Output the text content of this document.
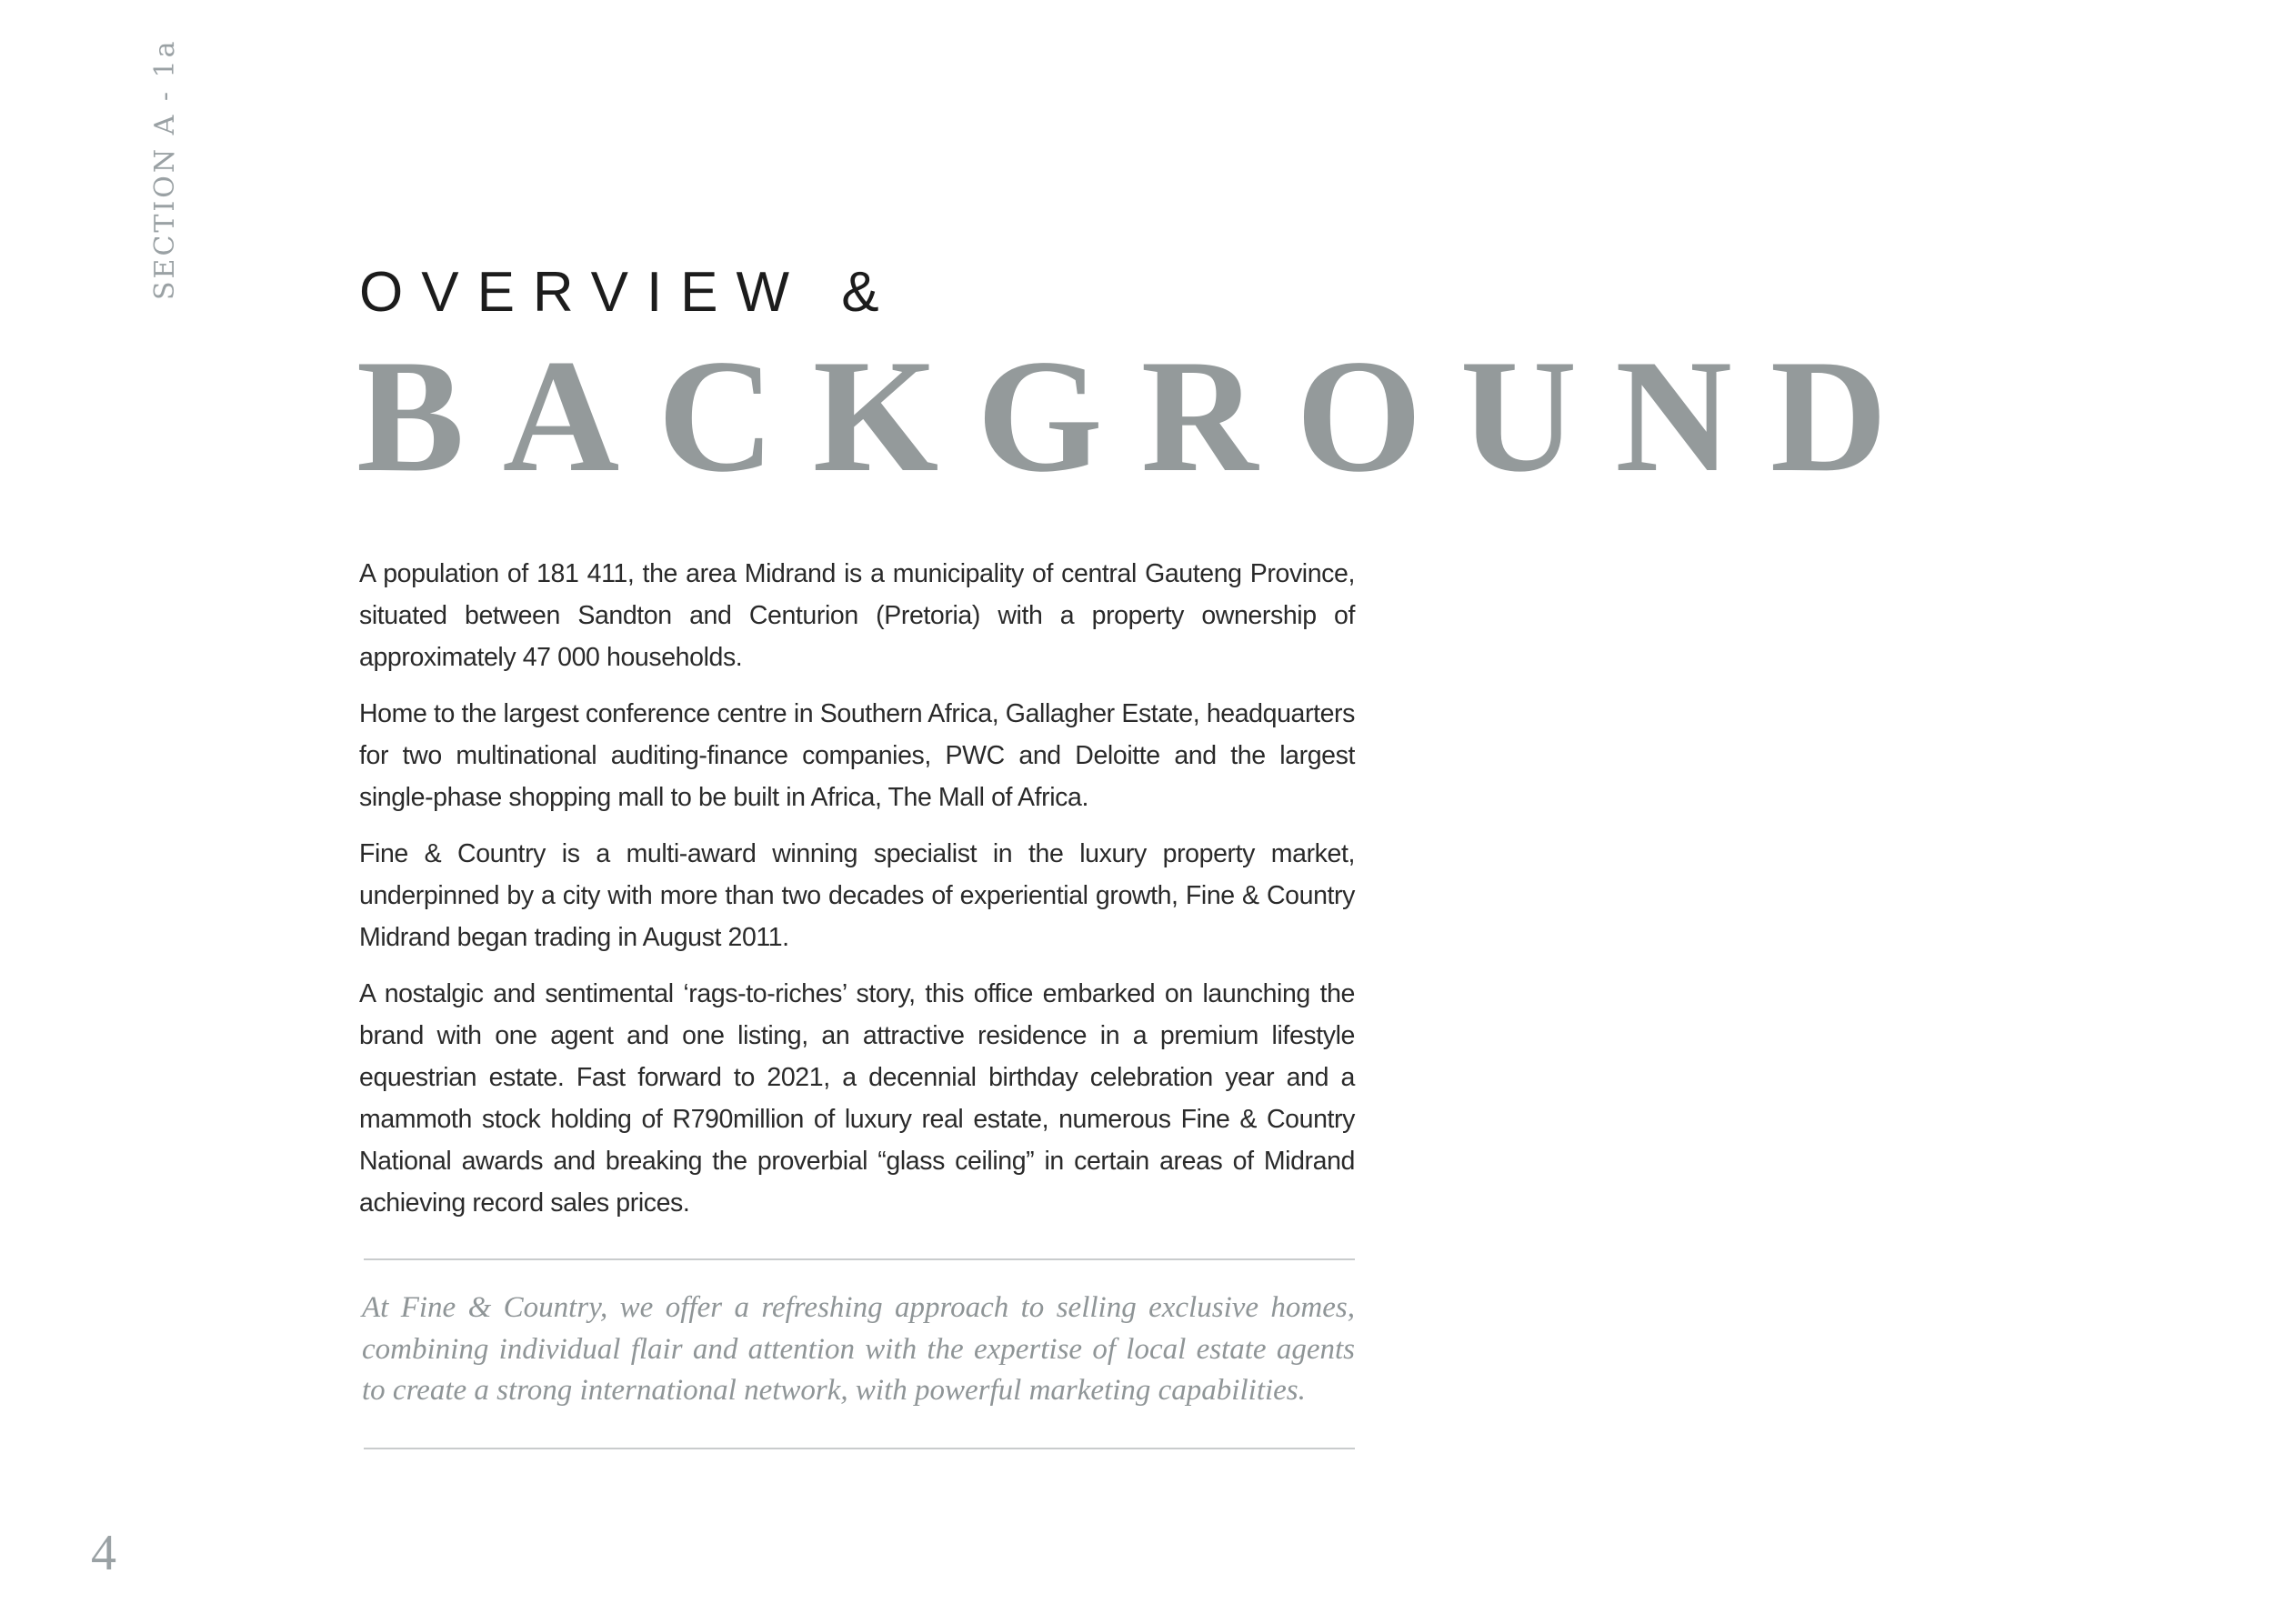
SECTION A - 1a	OVERVIEW &
BACKGROUND

A population of 181 411, the area Midrand is a municipality of central Gauteng Province, situated between Sandton and Centurion (Pretoria) with a property ownership of approximately 47 000 households.

Home to the largest conference centre in Southern Africa, Gallagher Estate, headquarters for two multinational auditing-finance companies, PWC and Deloitte and the largest single-phase shopping mall to be built in Africa, The Mall of Africa.

Fine & Country is a multi-award winning specialist in the luxury property market, underpinned by a city with more than two decades of experiential growth, Fine & Country Midrand began trading in August 2011.

A nostalgic and sentimental ‘rags-to-riches’ story, this office embarked on launching the brand with one agent and one listing, an attractive residence in a premium lifestyle equestrian estate. Fast forward to 2021, a decennial birthday celebration year and a mammoth stock holding of R790million of luxury real estate, numerous Fine & Country National awards and breaking the proverbial “glass ceiling” in certain areas of Midrand achieving record sales prices.

At Fine & Country, we offer a refreshing approach to selling exclusive homes, combining individual flair and attention with the expertise of local estate agents to create a strong international network, with powerful marketing capabilities.

4
